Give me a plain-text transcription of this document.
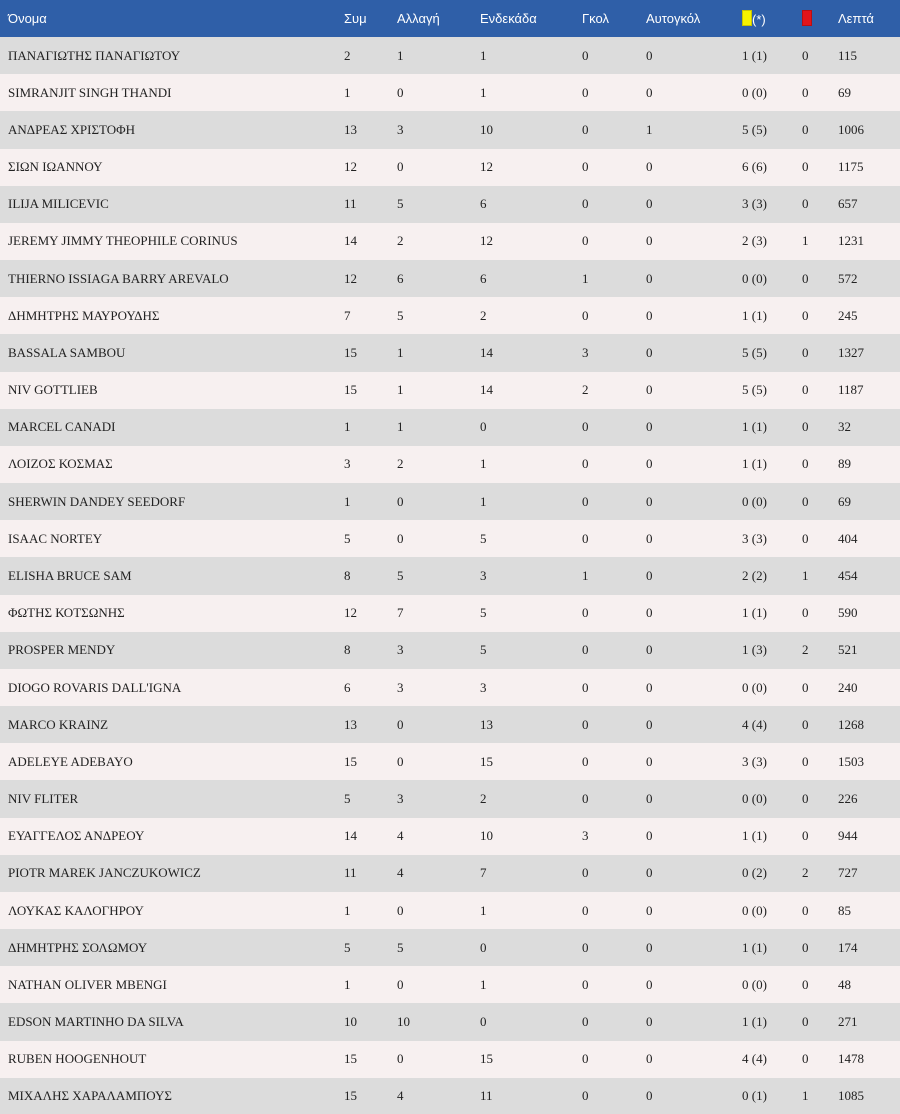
Όνομα	Συμ	Αλλαγή	Ενδεκάδα	Γκολ	Αυτογκόλ	(*)		Λεπτά
ΠΑΝΑΓΙΩΤΗΣ ΠΑΝΑΓΙΩΤΟΥ	2	1	1	0	0	1 (1)	0	115
SIMRANJIT SINGH THANDI	1	0	1	0	0	0 (0)	0	69
ΑΝΔΡΕΑΣ ΧΡΙΣΤΟΦΗ	13	3	10	0	1	5 (5)	0	1006
ΣΙΩΝ ΙΩΑΝΝΟΥ	12	0	12	0	0	6 (6)	0	1175
ILIJA MILICEVIC	11	5	6	0	0	3 (3)	0	657
JEREMY JIMMY THEOPHILE CORINUS	14	2	12	0	0	2 (3)	1	1231
THIERNO ISSIAGA BARRY AREVALO	12	6	6	1	0	0 (0)	0	572
ΔΗΜΗΤΡΗΣ ΜΑΥΡΟΥΔΗΣ	7	5	2	0	0	1 (1)	0	245
BASSALA SAMBOU	15	1	14	3	0	5 (5)	0	1327
NIV GOTTLIEB	15	1	14	2	0	5 (5)	0	1187
MARCEL CANADI	1	1	0	0	0	1 (1)	0	32
ΛΟΙΖΟΣ ΚΟΣΜΑΣ	3	2	1	0	0	1 (1)	0	89
SHERWIN DANDEY SEEDORF	1	0	1	0	0	0 (0)	0	69
ISAAC NORTEY	5	0	5	0	0	3 (3)	0	404
ELISHA BRUCE SAM	8	5	3	1	0	2 (2)	1	454
ΦΩΤΗΣ ΚΟΤΣΩΝΗΣ	12	7	5	0	0	1 (1)	0	590
PROSPER MENDY	8	3	5	0	0	1 (3)	2	521
DIOGO ROVARIS DALL'IGNA	6	3	3	0	0	0 (0)	0	240
MARCO KRAINZ	13	0	13	0	0	4 (4)	0	1268
ADELEYE ADEBAYO	15	0	15	0	0	3 (3)	0	1503
NIV FLITER	5	3	2	0	0	0 (0)	0	226
ΕΥΑΓΓΕΛΟΣ ΑΝΔΡΕΟΥ	14	4	10	3	0	1 (1)	0	944
PIOTR MAREK JANCZUKOWICZ	11	4	7	0	0	0 (2)	2	727
ΛΟΥΚΑΣ ΚΑΛΟΓΗΡΟΥ	1	0	1	0	0	0 (0)	0	85
ΔΗΜΗΤΡΗΣ ΣΟΛΩΜΟΥ	5	5	0	0	0	1 (1)	0	174
NATHAN OLIVER MBENGI	1	0	1	0	0	0 (0)	0	48
EDSON MARTINHO DA SILVA	10	10	0	0	0	1 (1)	0	271
RUBEN HOOGENHOUT	15	0	15	0	0	4 (4)	0	1478
ΜΙΧΑΛΗΣ ΧΑΡΑΛΑΜΠΟΥΣ	15	4	11	0	0	0 (1)	1	1085
